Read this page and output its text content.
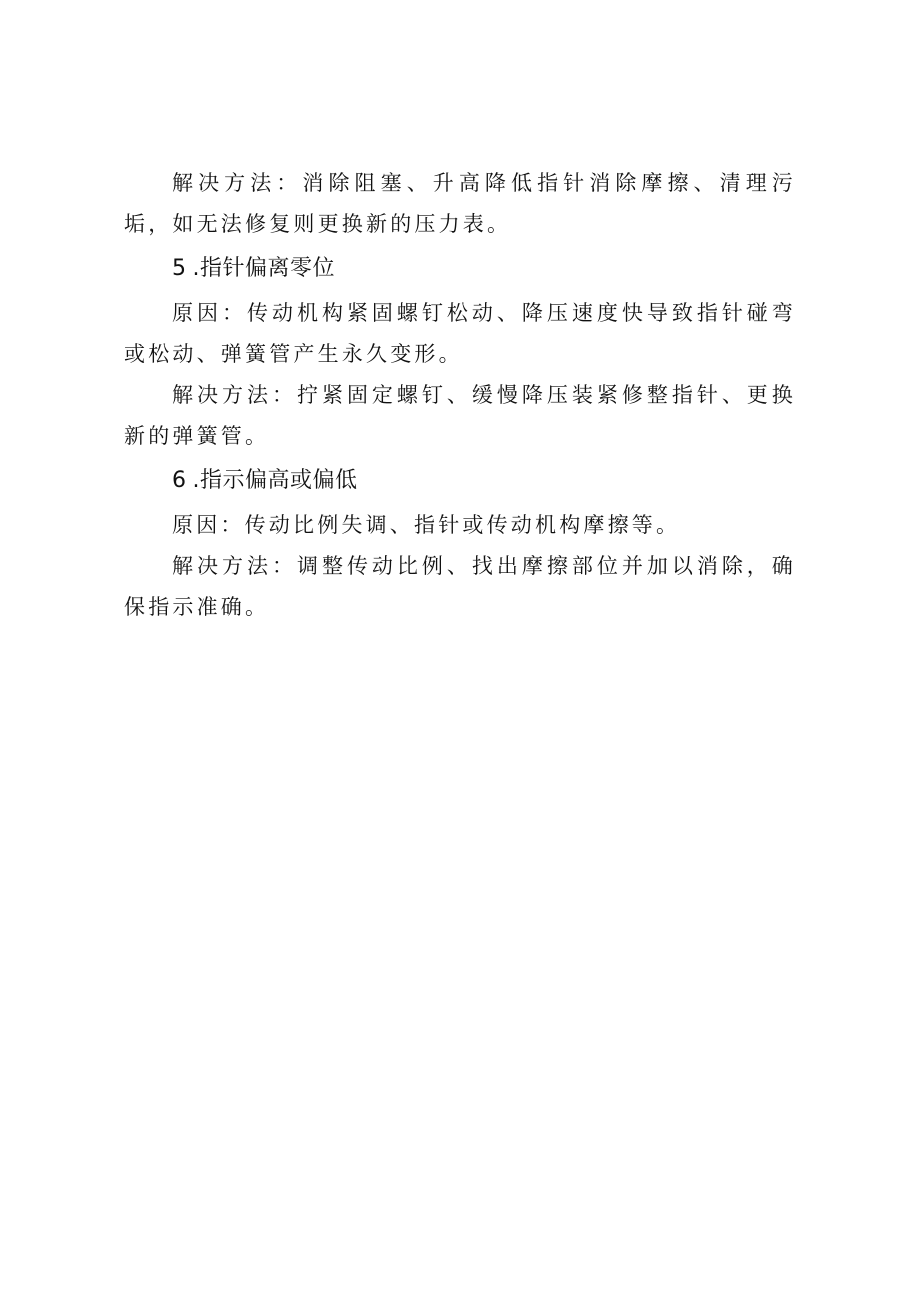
解决方法：消除阻塞、升高降低指针消除摩擦、清理污垢，如无法修复则更换新的压力表。

5 .指针偏离零位

原因：传动机构紧固螺钉松动、降压速度快导致指针碰弯或松动、弹簧管产生永久变形。

解决方法：拧紧固定螺钉、缓慢降压装紧修整指针、更换新的弹簧管。

6 .指示偏高或偏低

原因：传动比例失调、指针或传动机构摩擦等。

解决方法：调整传动比例、找出摩擦部位并加以消除，确保指示准确。
